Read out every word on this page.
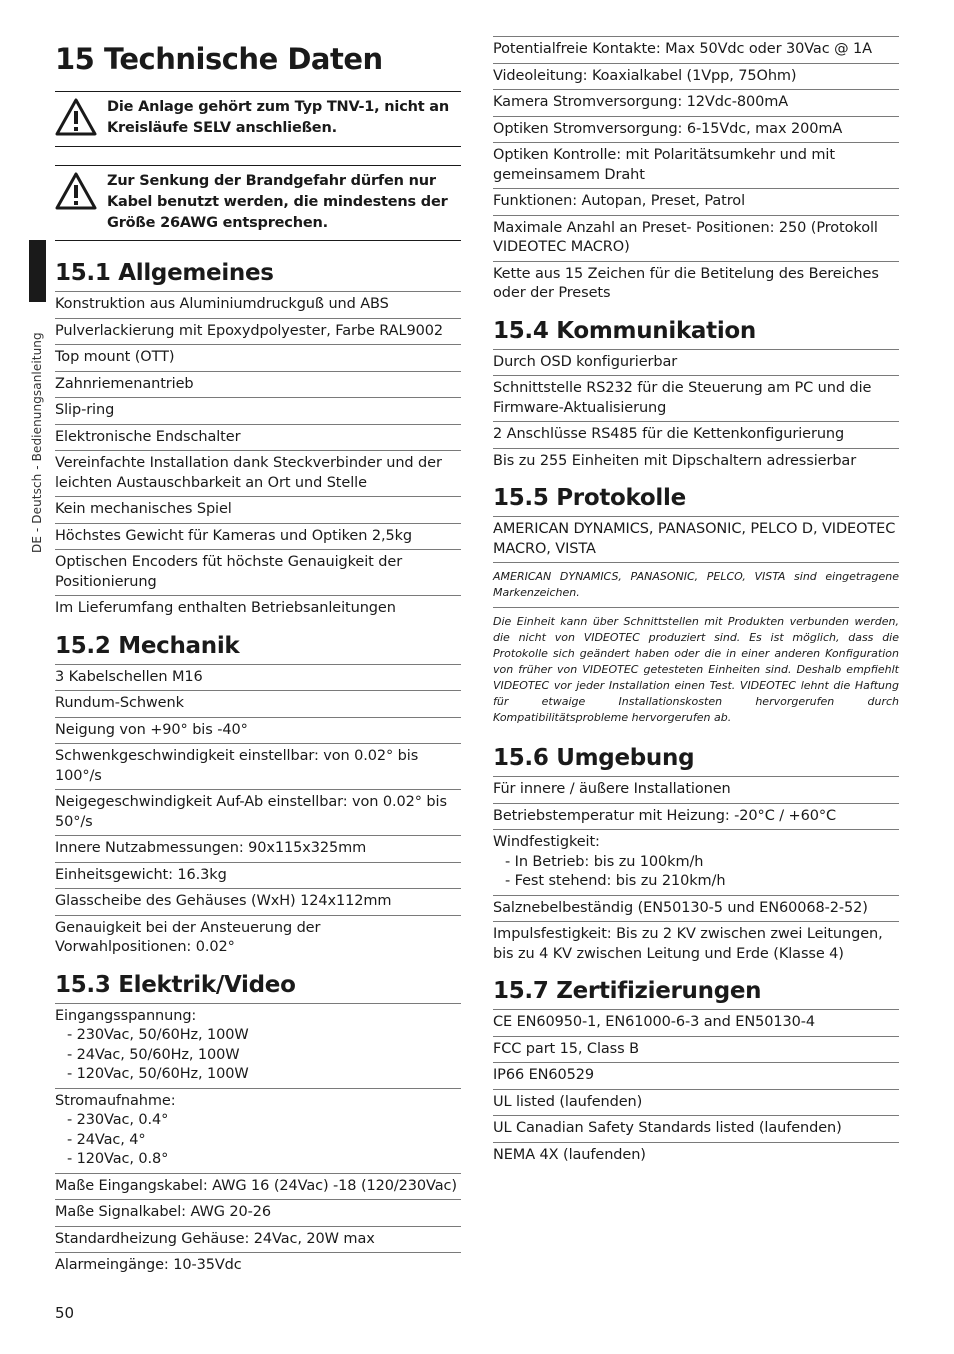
DE - Deutsch - Bedienungsanleitung
15 Technische Daten
Die Anlage gehört zum Typ TNV-1, nicht an Kreisläufe SELV anschließen.
Zur Senkung der Brandgefahr dürfen nur Kabel benutzt werden, die mindestens der Größe 26AWG entsprechen.
15.1 Allgemeines
Konstruktion aus Aluminiumdruckguß und ABS
Pulverlackierung mit Epoxydpolyester, Farbe RAL9002
Top mount (OTT)
Zahnriemenantrieb
Slip-ring
Elektronische Endschalter
Vereinfachte Installation dank Steckverbinder und der leichten Austauschbarkeit an Ort und Stelle
Kein mechanisches Spiel
Höchstes Gewicht für Kameras und Optiken 2,5kg
Optischen Encoders füt höchste Genauigkeit der Positionierung
Im Lieferumfang enthalten Betriebsanleitungen
15.2 Mechanik
3 Kabelschellen M16
Rundum-Schwenk
Neigung von +90° bis -40°
Schwenkgeschwindigkeit einstellbar: von 0.02° bis 100°/s
Neigegeschwindigkeit Auf-Ab einstellbar: von 0.02° bis 50°/s
Innere Nutzabmessungen: 90x115x325mm
Einheitsgewicht: 16.3kg
Glasscheibe des Gehäuses (WxH) 124x112mm
Genauigkeit bei der Ansteuerung der Vorwahlpositionen: 0.02°
15.3 Elektrik/Video
Eingangsspannung:
- 230Vac, 50/60Hz, 100W
- 24Vac, 50/60Hz, 100W
- 120Vac, 50/60Hz, 100W
Stromaufnahme:
- 230Vac, 0.4°
- 24Vac, 4°
- 120Vac, 0.8°
Maße Eingangskabel: AWG 16 (24Vac) -18 (120/230Vac)
Maße Signalkabel: AWG 20-26
Standardheizung Gehäuse: 24Vac, 20W max
Alarmeingänge: 10-35Vdc
Potentialfreie Kontakte: Max 50Vdc oder 30Vac @ 1A
Videoleitung: Koaxialkabel (1Vpp, 75Ohm)
Kamera Stromversorgung: 12Vdc-800mA
Optiken Stromversorgung: 6-15Vdc, max 200mA
Optiken Kontrolle: mit Polaritätsumkehr und mit gemeinsamem Draht
Funktionen: Autopan, Preset, Patrol
Maximale Anzahl an Preset- Positionen: 250 (Protokoll VIDEOTEC MACRO)
Kette aus 15 Zeichen für die Betitelung des Bereiches oder der Presets
15.4 Kommunikation
Durch OSD konfigurierbar
Schnittstelle RS232 für die Steuerung am PC und die Firmware-Aktualisierung
2 Anschlüsse RS485 für die Kettenkonfigurierung
Bis zu 255 Einheiten mit Dipschaltern adressierbar
15.5 Protokolle
AMERICAN DYNAMICS, PANASONIC, PELCO D, VIDEOTEC MACRO, VISTA
AMERICAN DYNAMICS, PANASONIC, PELCO, VISTA sind eingetragene Markenzeichen.
Die Einheit kann über Schnittstellen mit Produkten verbunden werden, die nicht von VIDEOTEC produziert sind. Es ist möglich, dass die Protokolle sich geändert haben oder die in einer anderen Konfiguration von früher von VIDEOTEC getesteten Einheiten sind. Deshalb empfiehlt VIDEOTEC vor jeder Installation einen Test. VIDEOTEC lehnt die Haftung für etwaige Installationskosten hervorgerufen durch Kompatibilitätsprobleme hervorgerufen ab.
15.6 Umgebung
Für innere / äußere Installationen
Betriebstemperatur mit Heizung: -20°C / +60°C
Windfestigkeit:
- In Betrieb: bis zu 100km/h
- Fest stehend: bis zu 210km/h
Salznebelbeständig (EN50130-5 und EN60068-2-52)
Impulsfestigkeit: Bis zu 2 KV zwischen zwei Leitungen, bis zu 4 KV zwischen Leitung und Erde (Klasse 4)
15.7 Zertifizierungen
CE EN60950-1, EN61000-6-3 and EN50130-4
FCC part 15, Class B
IP66 EN60529
UL listed (laufenden)
UL Canadian Safety Standards listed (laufenden)
NEMA 4X (laufenden)
50
